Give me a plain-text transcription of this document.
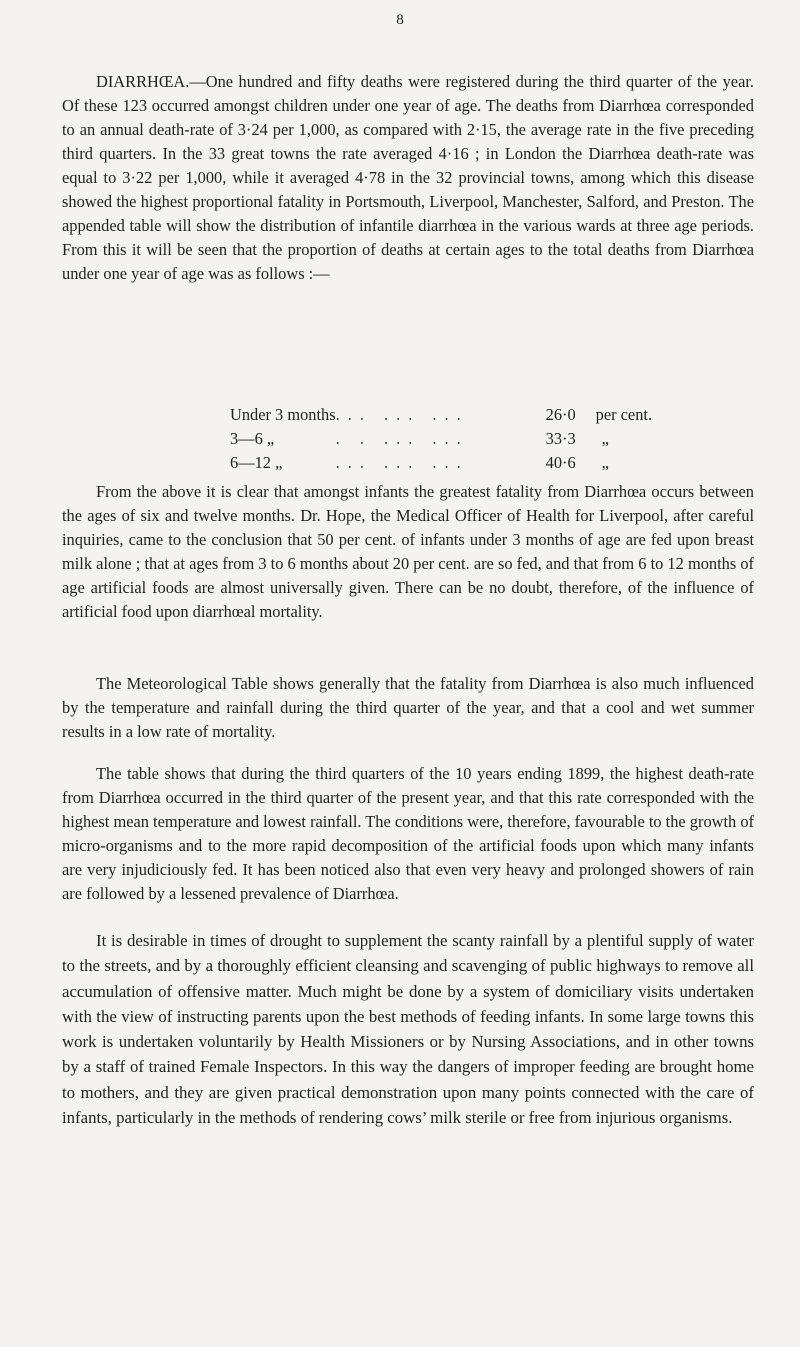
8

DIARRHŒA.—One hundred and fifty deaths were registered during the third quarter of the year. Of these 123 occurred amongst children under one year of age. The deaths from Diarrhœa corresponded to an annual death-rate of 3·24 per 1,000, as compared with 2·15, the average rate in the five preceding third quarters. In the 33 great towns the rate averaged 4·16 ; in London the Diarrhœa death-rate was equal to 3·22 per 1,000, while it averaged 4·78 in the 32 provincial towns, among which this disease showed the highest proportional fatality in Portsmouth, Liverpool, Manchester, Salford, and Preston. The appended table will show the distribution of infantile diarrhœa in the various wards at three age periods. From this it will be seen that the proportion of deaths at certain ages to the total deaths from Diarrhœa under one year of age was as follows :—

Under 3 months	... ... ...	26·0	per cent.
3—6 „	. . ... ...	33·3	„
6—12 „	... ... ...	40·6	„

From the above it is clear that amongst infants the greatest fatality from Diarrhœa occurs between the ages of six and twelve months. Dr. Hope, the Medical Officer of Health for Liverpool, after careful inquiries, came to the conclusion that 50 per cent. of infants under 3 months of age are fed upon breast milk alone ; that at ages from 3 to 6 months about 20 per cent. are so fed, and that from 6 to 12 months of age artificial foods are almost universally given. There can be no doubt, therefore, of the influence of artificial food upon diarrhœal mortality.

The Meteorological Table shows generally that the fatality from Diarrhœa is also much influenced by the temperature and rainfall during the third quarter of the year, and that a cool and wet summer results in a low rate of mortality.

The table shows that during the third quarters of the 10 years ending 1899, the highest death-rate from Diarrhœa occurred in the third quarter of the present year, and that this rate corresponded with the highest mean temperature and lowest rainfall. The conditions were, therefore, favourable to the growth of micro-organisms and to the more rapid decomposition of the artificial foods upon which many infants are very injudiciously fed. It has been noticed also that even very heavy and prolonged showers of rain are followed by a lessened prevalence of Diarrhœa.

It is desirable in times of drought to supplement the scanty rainfall by a plentiful supply of water to the streets, and by a thoroughly efficient cleansing and scavenging of public highways to remove all accumulation of offensive matter. Much might be done by a system of domiciliary visits undertaken with the view of instructing parents upon the best methods of feeding infants. In some large towns this work is undertaken voluntarily by Health Missioners or by Nursing Associations, and in other towns by a staff of trained Female Inspectors. In this way the dangers of improper feeding are brought home to mothers, and they are given practical demonstration upon many points connected with the care of infants, particularly in the methods of rendering cows’ milk sterile or free from injurious organisms.
